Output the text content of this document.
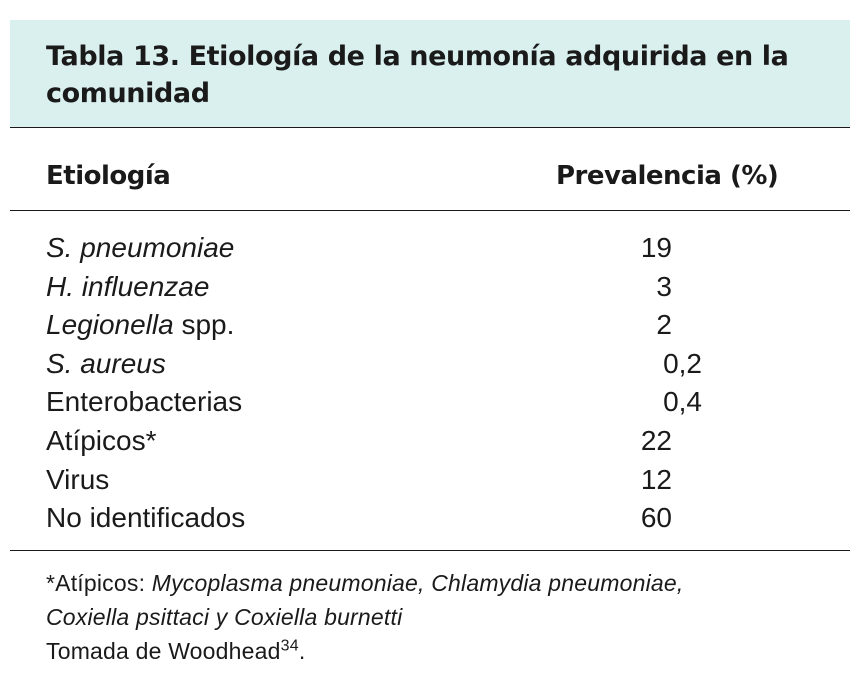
Tabla 13. Etiología de la neumonía adquirida en la
comunidad

Etiología	Prevalencia (%)
S. pneumoniae	19
H. influenzae	3
Legionella spp.	2
S. aureus	0,2
Enterobacterias	0,4
Atípicos*	22
Virus	12
No identificados	60
*Atípicos: Mycoplasma pneumoniae, Chlamydia pneumoniae,
Coxiella psittaci y Coxiella burnetti
Tomada de Woodhead$^{34}$.
